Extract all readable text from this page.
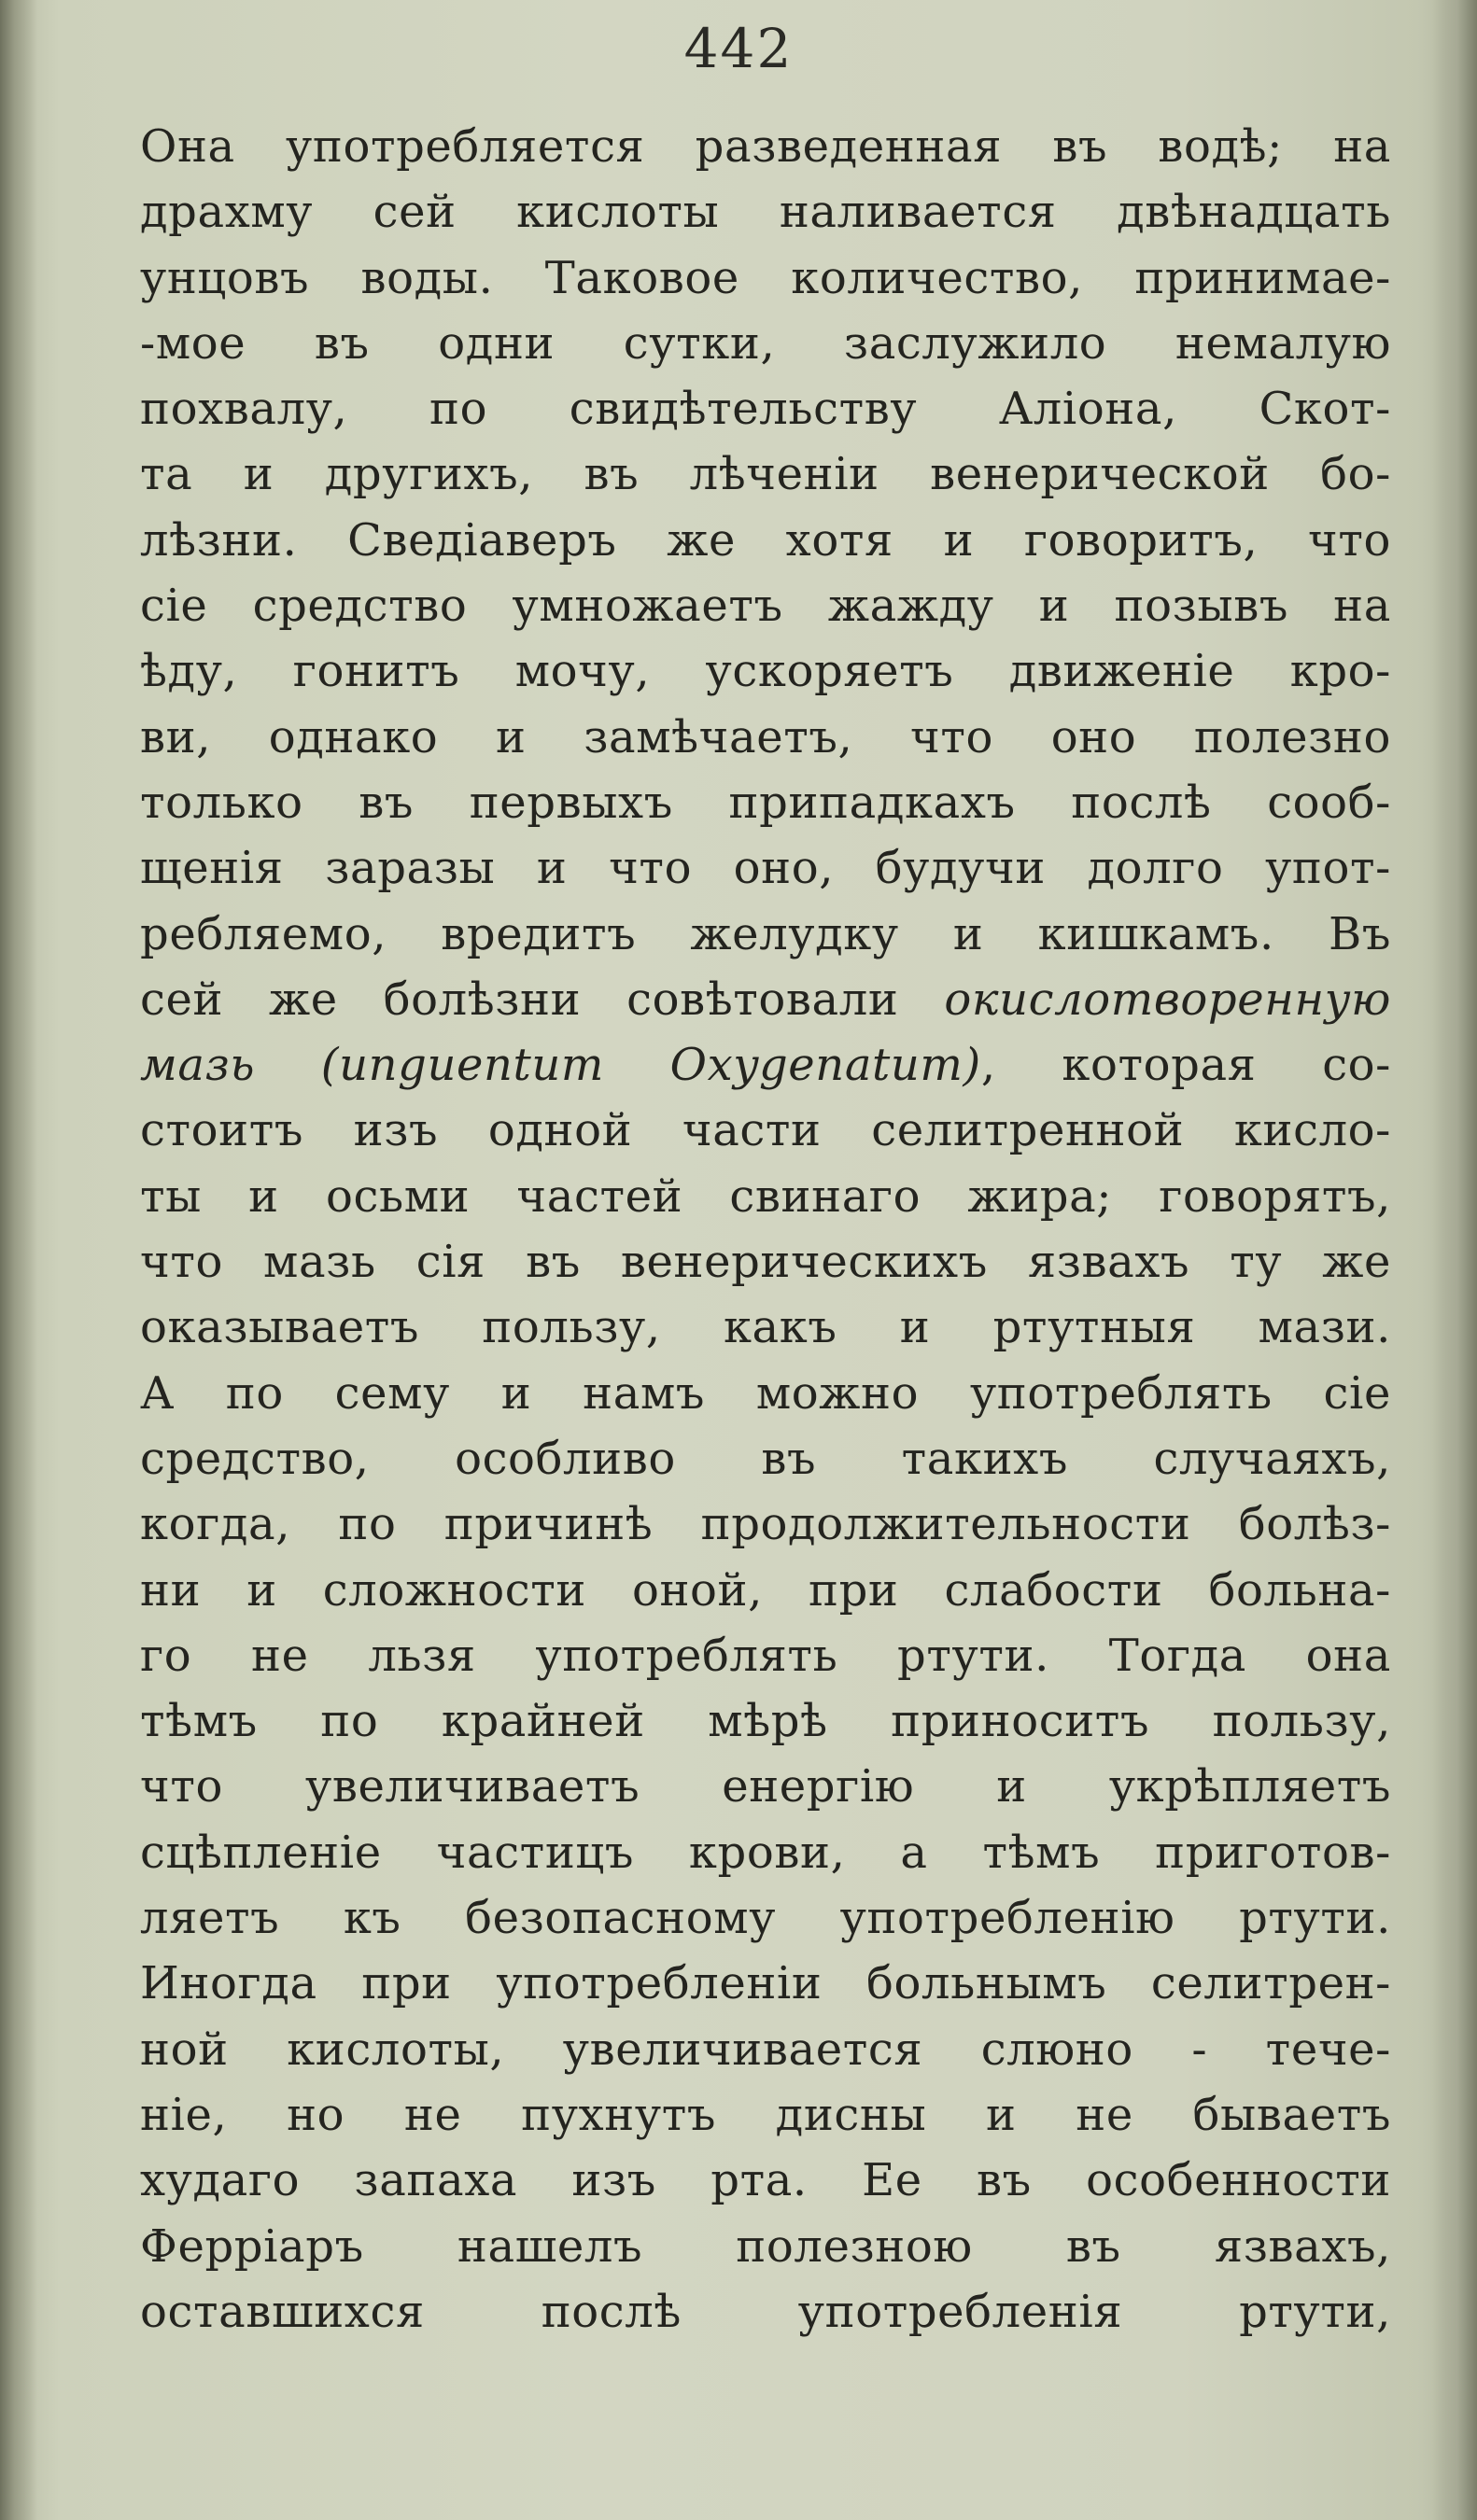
442
Она употребляется разведенная въ водѣ; на
драхму сей кислоты наливается двѣнадцать
унцовъ воды. Таковое количество, принимае-
-мое въ одни сутки, заслужило немалую
похвалу, по свидѣтельству Аліона, Скот-
та и другихъ, въ лѣченіи венерической бо-
лѣзни. Сведіаверъ же хотя и говоритъ, что
сіе средство умножаетъ жажду и позывъ на
ѣду, гонитъ мочу, ускоряетъ движеніе кро-
ви, однако и замѣчаетъ, что оно полезно
только въ первыхъ припадкахъ послѣ сооб-
щенія заразы и что оно, будучи долго упот-
ребляемо, вредитъ желудку и кишкамъ. Въ
сей же болѣзни совѣтовали окислотворенную
мазь (unguentum Oxygenatum), которая со-
стоитъ изъ одной части селитренной кисло-
ты и осьми частей свинаго жира; говорятъ,
что мазь сія въ венерическихъ язвахъ ту же
оказываетъ пользу, какъ и ртутныя мази.
А по сему и намъ можно употреблять сіе
средство, особливо въ такихъ случаяхъ,
когда, по причинѣ продолжительности болѣз-
ни и сложности оной, при слабости больна-
го не льзя употреблять ртути. Тогда она
тѣмъ по крайней мѣрѣ приноситъ пользу,
что увеличиваетъ енергію и укрѣпляетъ
сцѣпленіе частицъ крови, а тѣмъ приготов-
ляетъ къ безопасному употребленію ртути.
Иногда при употребленіи больнымъ селитрен-
ной кислоты, увеличивается слюно - тече-
ніе, но не пухнутъ дисны и не бываетъ
худаго запаха изъ рта. Ее въ особенности
Ферріаръ нашелъ полезною въ язвахъ,
оставшихся послѣ употребленія ртути,
